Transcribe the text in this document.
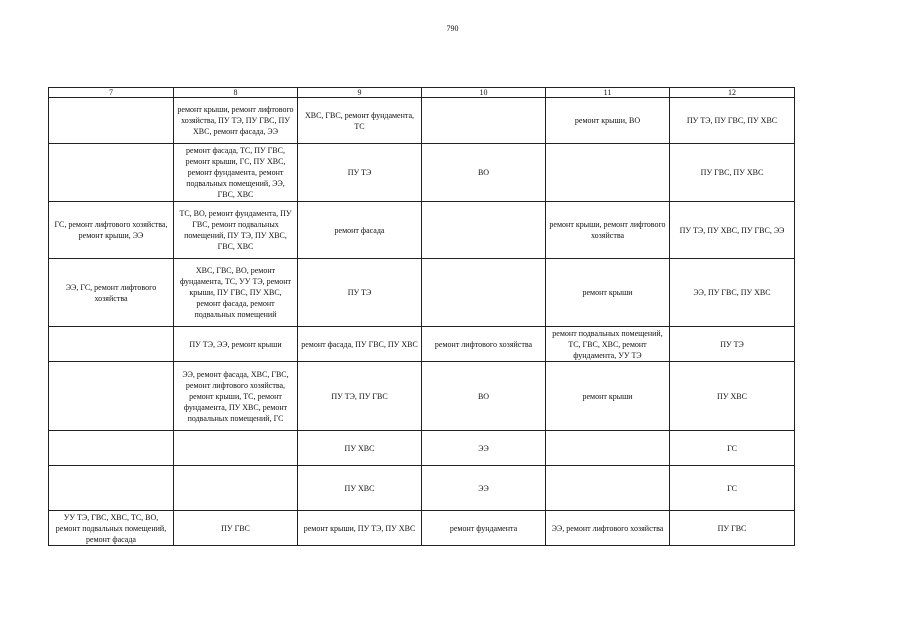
790
7	8	9	10	11	12
	ремонт крыши, ремонт лифтового хозяйства, ПУ ТЭ, ПУ ГВС, ПУ ХВС, ремонт фасада, ЭЭ	ХВС, ГВС, ремонт фундамента, ТС		ремонт крыши, ВО	ПУ ТЭ, ПУ ГВС, ПУ ХВС
	ремонт фасада, ТС, ПУ ГВС, ремонт крыши, ГС, ПУ ХВС, ремонт фундамента, ремонт подвальных помещений, ЭЭ, ГВС, ХВС	ПУ ТЭ	ВО		ПУ ГВС, ПУ ХВС
ГС, ремонт лифтового хозяйства, ремонт крыши, ЭЭ	ТС, ВО, ремонт фундамента, ПУ ГВС, ремонт подвальных помещений, ПУ ТЭ, ПУ ХВС, ГВС, ХВС	ремонт фасада		ремонт крыши, ремонт лифтового хозяйства	ПУ ТЭ, ПУ ХВС, ПУ ГВС, ЭЭ
ЭЭ, ГС, ремонт лифтового хозяйства	ХВС, ГВС, ВО, ремонт фундамента, ТС, УУ ТЭ, ремонт крыши, ПУ ГВС, ПУ ХВС, ремонт фасада, ремонт подвальных помещений	ПУ ТЭ		ремонт крыши	ЭЭ, ПУ ГВС, ПУ ХВС
	ПУ ТЭ, ЭЭ, ремонт крыши	ремонт фасада, ПУ ГВС, ПУ ХВС	ремонт лифтового хозяйства	ремонт подвальных помещений, ТС, ГВС, ХВС, ремонт фундамента, УУ ТЭ	ПУ ТЭ
	ЭЭ, ремонт фасада, ХВС, ГВС, ремонт лифтового хозяйства, ремонт крыши, ТС, ремонт фундамента, ПУ ХВС, ремонт подвальных помещений, ГС	ПУ ТЭ, ПУ ГВС	ВО	ремонт крыши	ПУ ХВС
		ПУ ХВС	ЭЭ		ГС
		ПУ ХВС	ЭЭ		ГС
УУ ТЭ, ГВС, ХВС, ТС, ВО, ремонт подвальных помещений, ремонт фасада	ПУ ГВС	ремонт крыши, ПУ ТЭ, ПУ ХВС	ремонт фундамента	ЭЭ, ремонт лифтового хозяйства	ПУ ГВС
